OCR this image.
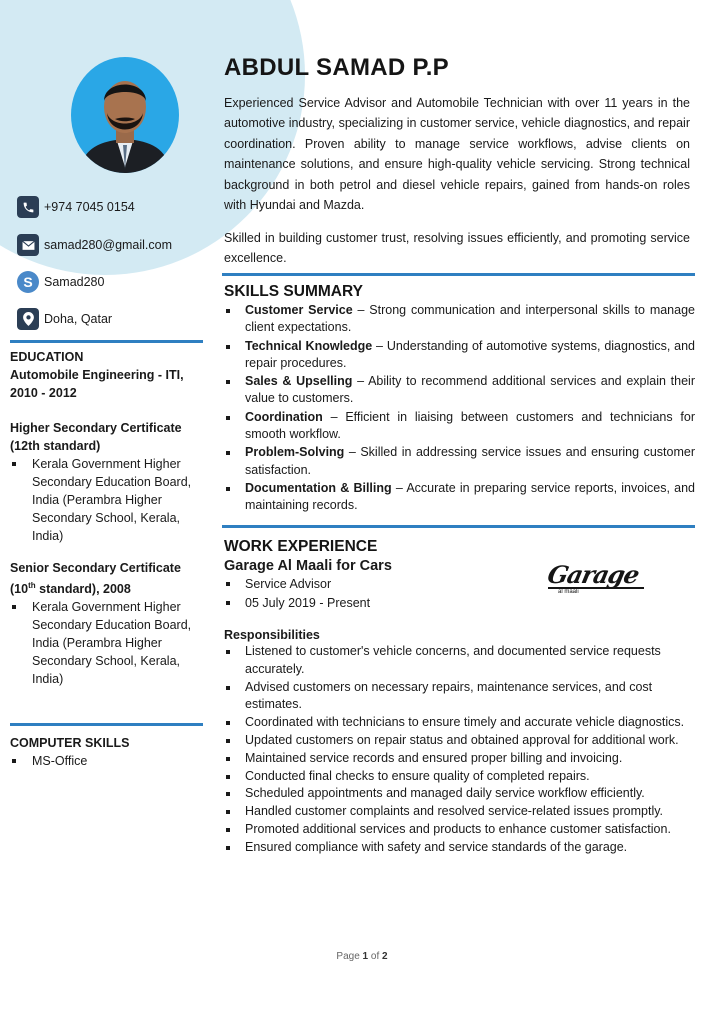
+974 7045 0154
samad280@gmail.com
S Samad280
Doha, Qatar
EDUCATION
Automobile Engineering - ITI, 2010 - 2012
Higher Secondary Certificate (12th standard)
Kerala Government Higher Secondary Education Board, India (Perambra Higher Secondary School, Kerala, India)
Senior Secondary Certificate (10th standard), 2008
Kerala Government Higher Secondary Education Board, India (Perambra Higher Secondary School, Kerala, India)
COMPUTER SKILLS
MS-Office
ABDUL SAMAD P.P
Experienced Service Advisor and Automobile Technician with over 11 years in the automotive industry, specializing in customer service, vehicle diagnostics, and repair coordination. Proven ability to manage service workflows, advise clients on maintenance solutions, and ensure high-quality vehicle servicing. Strong technical background in both petrol and diesel vehicle repairs, gained from hands-on roles with Hyundai and Mazda.
Skilled in building customer trust, resolving issues efficiently, and promoting service excellence.
SKILLS SUMMARY
Customer Service – Strong communication and interpersonal skills to manage client expectations.
Technical Knowledge – Understanding of automotive systems, diagnostics, and repair procedures.
Sales & Upselling – Ability to recommend additional services and explain their value to customers.
Coordination – Efficient in liaising between customers and technicians for smooth workflow.
Problem-Solving – Skilled in addressing service issues and ensuring customer satisfaction.
Documentation & Billing – Accurate in preparing service reports, invoices, and maintaining records.
WORK EXPERIENCE
Garage Al Maali for Cars
Service Advisor
05 July 2019 - Present
Responsibilities
Listened to customer's vehicle concerns, and documented service requests accurately.
Advised customers on necessary repairs, maintenance services, and cost estimates.
Coordinated with technicians to ensure timely and accurate vehicle diagnostics.
Updated customers on repair status and obtained approval for additional work.
Maintained service records and ensured proper billing and invoicing.
Conducted final checks to ensure quality of completed repairs.
Scheduled appointments and managed daily service workflow efficiently.
Handled customer complaints and resolved service-related issues promptly.
Promoted additional services and products to enhance customer satisfaction.
Ensured compliance with safety and service standards of the garage.
Garage
al maali
Page 1 of 2
